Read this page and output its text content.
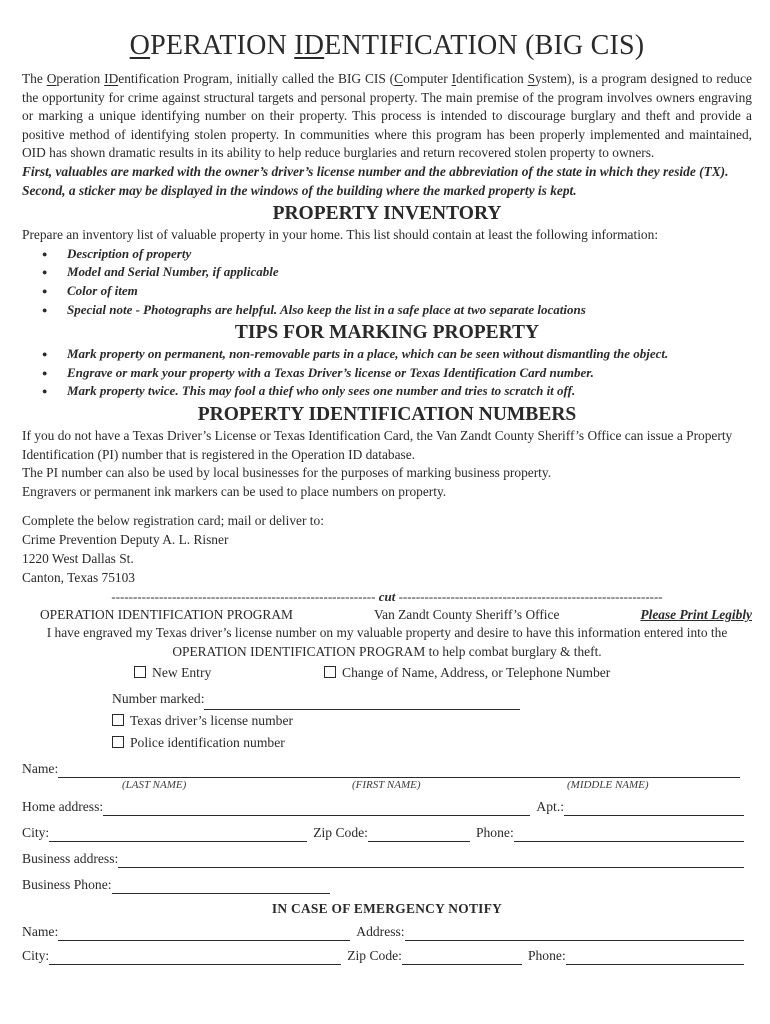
OPERATION IDENTIFICATION (BIG CIS)

The Operation IDentification Program, initially called the BIG CIS (Computer Identification System), is a program designed to reduce the opportunity for crime against structural targets and personal property. The main premise of the program involves owners engraving or marking a unique identifying number on their property. This process is intended to discourage burglary and theft and provide a positive method of identifying stolen property. In communities where this program has been properly implemented and maintained, OID has shown dramatic results in its ability to help reduce burglaries and return recovered stolen property to owners.

First, valuables are marked with the owner’s driver’s license number and the abbreviation of the state in which they reside (TX).

Second, a sticker may be displayed in the windows of the building where the marked property is kept.

PROPERTY INVENTORY

Prepare an inventory list of valuable property in your home. This list should contain at least the following information:

● Description of property
● Model and Serial Number, if applicable
● Color of item
● Special note - Photographs are helpful. Also keep the list in a safe place at two separate locations
TIPS FOR MARKING PROPERTY
● Mark property on permanent, non-removable parts in a place, which can be seen without dismantling the object.
● Engrave or mark your property with a Texas Driver’s license or Texas Identification Card number.
● Mark property twice. This may fool a thief who only sees one number and tries to scratch it off.
PROPERTY IDENTIFICATION NUMBERS

If you do not have a Texas Driver’s License or Texas Identification Card, the Van Zandt County Sheriff’s Office can issue a Property Identification (PI) number that is registered in the Operation ID database.

The PI number can also be used by local businesses for the purposes of marking business property.

Engravers or permanent ink markers can be used to place numbers on property.

Complete the below registration card; mail or deliver to:

Crime Prevention Deputy A. L. Risner

1220 West Dallas St.

Canton, Texas 75103

------------------------------------------------------------- cut -------------------------------------------------------------
OPERATION IDENTIFICATION PROGRAM	Van Zandt County Sheriff’s Office	Please Print Legibly

I have engraved my Texas driver’s license number on my valuable property and desire to have this information entered into the OPERATION IDENTIFICATION PROGRAM to help combat burglary & theft.

New Entry	Change of Name, Address, or Telephone Number
Number marked:
Texas driver’s license number
Police identification number
Name:
(LAST NAME)	(FIRST NAME)	(MIDDLE NAME)
Home address:	Apt.:
City:	Zip Code:	Phone:
Business address:
Business Phone:
IN CASE OF EMERGENCY NOTIFY
Name:	Address:
City:	Zip Code:	Phone:
